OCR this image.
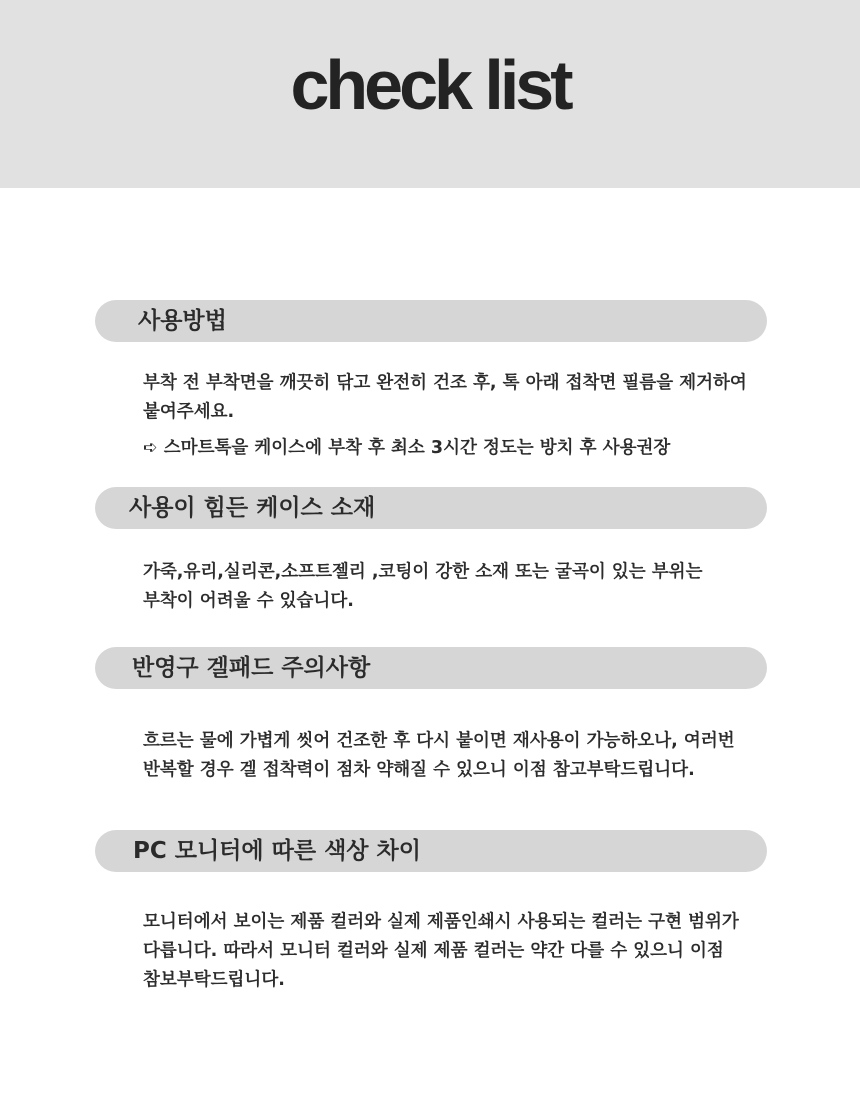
check list
사용방법

부착 전 부착면을 깨끗히 닦고 완전히 건조 후, 톡 아래 접착면 필름을 제거하여

붙여주세요.

➪ 스마트톡을 케이스에 부착 후 최소 3시간 정도는 방치 후 사용권장

사용이 힘든 케이스 소재

가죽,유리,실리콘,소프트젤리 ,코팅이 강한 소재 또는 굴곡이 있는 부위는

부착이 어려울 수 있습니다.

반영구 겔패드 주의사항

흐르는 물에 가볍게 씻어 건조한 후 다시 붙이면 재사용이 가능하오나, 여러번

반복할 경우 겔 접착력이 점차 약해질 수 있으니 이점 참고부탁드립니다.

PC 모니터에 따른 색상 차이

모니터에서 보이는 제품 컬러와 실제 제품인쇄시 사용되는 컬러는 구현 범위가

다릅니다. 따라서 모니터 컬러와 실제 제품 컬러는 약간 다를 수 있으니 이점

참보부탁드립니다.
